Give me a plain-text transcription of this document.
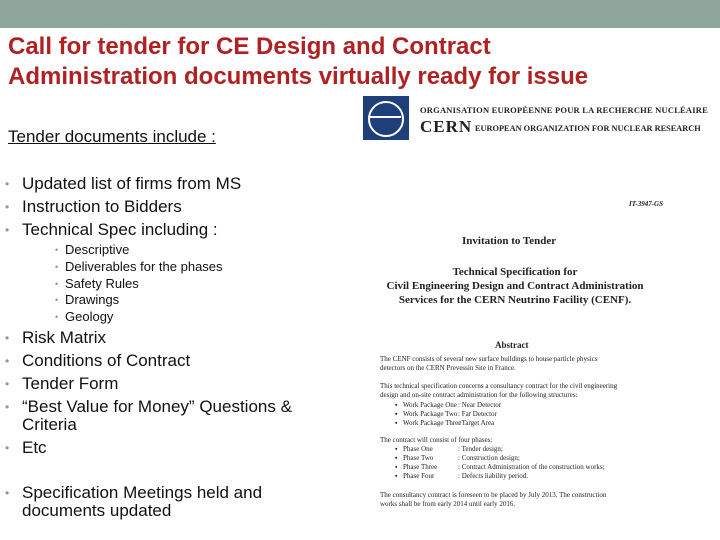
Call for tender for CE Design and Contract
Administration documents virtually ready for issue
Tender documents include :
• Updated list of firms from MS
• Instruction to Bidders
• Technical Spec including :
• Descriptive
• Deliverables for the phases
• Safety Rules
• Drawings
• Geology
• Risk Matrix
• Conditions of Contract
• Tender Form
• “Best Value for Money” Questions & Criteria
• Etc
• Specification Meetings held and documents updated
ORGANISATION EUROPÉENNE POUR LA RECHERCHE NUCLÉAIRE
CERN EUROPEAN ORGANIZATION FOR NUCLEAR RESEARCH
IT-3947-GS
Invitation to Tender
Technical Specification for
Civil Engineering Design and Contract Administration
Services for the CERN Neutrino Facility (CENF).
Abstract
The CENF consists of several new surface buildings to house particle physics
detectors on the CERN Prevessin Site in France.
This technical specification concerns a consultancy contract for the civil engineering
design and on-site contract administration for the following structures:
▪ Work Package One: Near Detector
▪ Work Package Two: Far Detector
▪ Work Package Three: Target Area
The contract will consist of four phases:
▪ Phase One	: Tender design;
▪ Phase Two	: Construction design;
▪ Phase Three	: Contract Administration of the construction works;
▪ Phase Four	: Defects liability period.
The consultancy contract is foreseen to be placed by July 2013. The construction
works shall be from early 2014 until early 2016.
